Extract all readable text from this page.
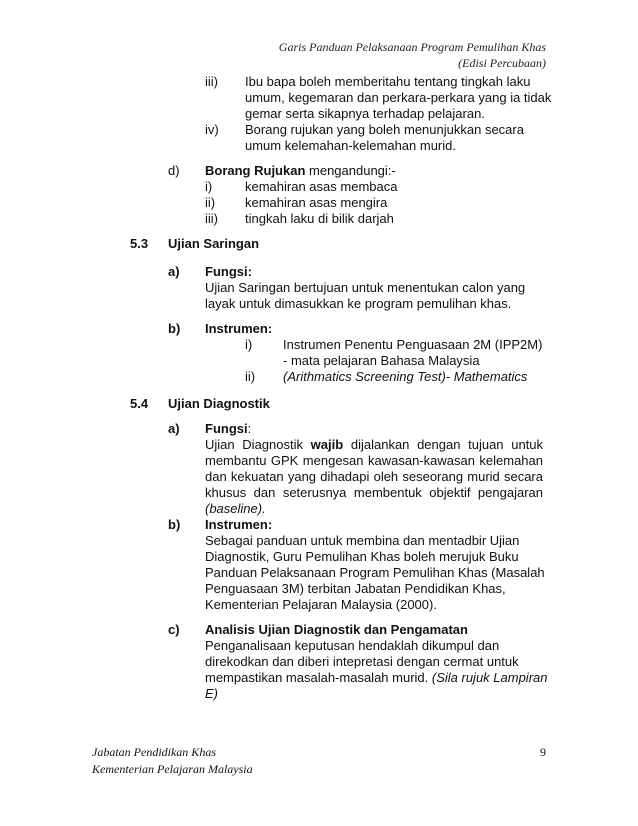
Garis Panduan Pelaksanaan Program Pemulihan Khas
(Edisi Percubaan)
iii) Ibu bapa boleh memberitahu tentang tingkah laku
umum, kegemaran dan perkara-perkara yang ia tidak
gemar serta sikapnya terhadap pelajaran.
iv) Borang rujukan yang boleh menunjukkan secara
umum kelemahan-kelemahan murid.
d) Borang Rujukan mengandungi:-
i)	kemahiran asas membaca
ii) kemahiran asas mengira
iii) tingkah laku di bilik darjah
5.3 Ujian Saringan
a) Fungsi:
Ujian Saringan bertujuan untuk menentukan calon yang
layak untuk dimasukkan ke program pemulihan khas.
b) Instrumen:
i) Instrumen Penentu Penguasaan 2M (IPP2M)
- mata pelajaran Bahasa Malaysia
ii) (Arithmatics Screening Test)- Mathematics
5.4 Ujian Diagnostik
a) Fungsi:
Ujian Diagnostik wajib dijalankan dengan tujuan untuk membantu GPK mengesan kawasan-kawasan kelemahan dan kekuatan yang dihadapi oleh seseorang murid secara khusus dan seterusnya membentuk objektif pengajaran (baseline).
b) Instrumen:
Sebagai panduan untuk membina dan mentadbir Ujian
Diagnostik, Guru Pemulihan Khas boleh merujuk Buku
Panduan Pelaksanaan Program Pemulihan Khas (Masalah
Penguasaan 3M) terbitan Jabatan Pendidikan Khas,
Kementerian Pelajaran Malaysia (2000).
c) Analisis Ujian Diagnostik dan Pengamatan
Penganalisaan keputusan hendaklah dikumpul dan
direkodkan dan diberi intepretasi dengan cermat untuk
mempastikan masalah-masalah murid. (Sila rujuk Lampiran
E)
Jabatan Pendidikan Khas
Kementerian Pelajaran Malaysia
9
